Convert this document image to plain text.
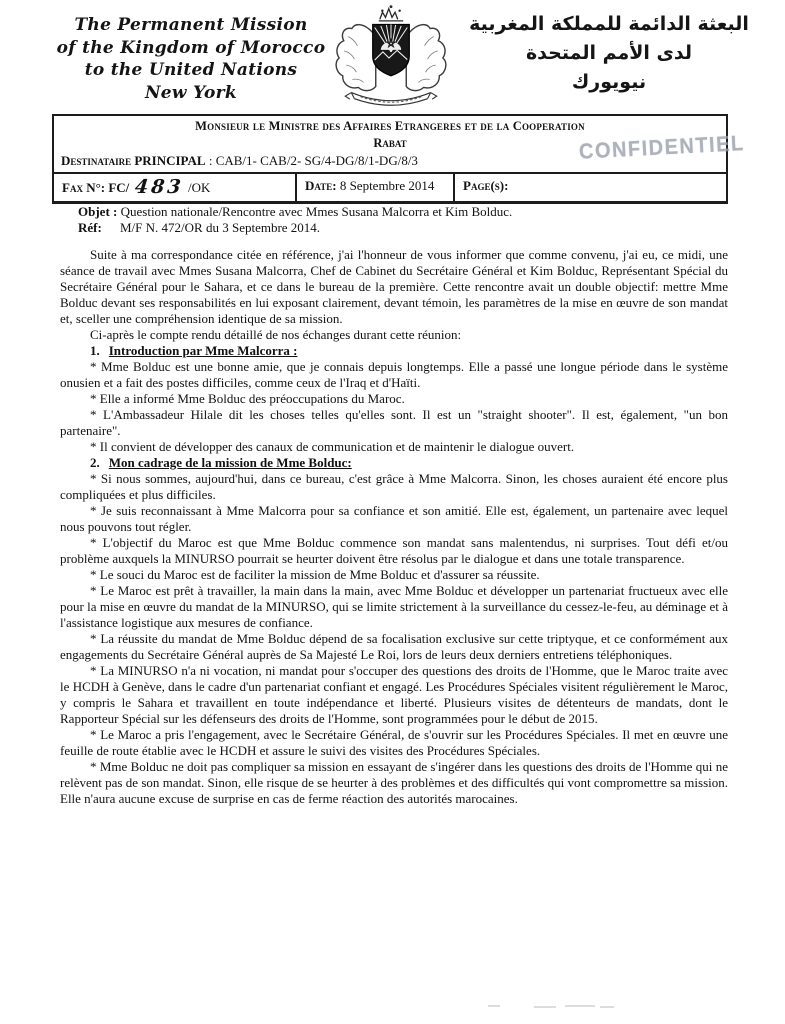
The Permanent Mission
of the Kingdom of Morocco
to the United Nations
New York
البعثة الدائمة للمملكة المغربية
لدى الأمم المتحدة
نيويورك
Monsieur le Ministre des Affaires Etrangeres et de la Cooperation
Rabat
Destinataire PRINCIPAL : CAB/1- CAB/2- SG/4-DG/8/1-DG/8/3
Fax N°: FC/ 483 /OK	Date: 8 Septembre 2014	Page(s):
CONFIDENTIEL
Objet : Question nationale/Rencontre avec Mmes Susana Malcorra et Kim Bolduc.
Réf: M/F N. 472/OR du 3 Septembre 2014.

Suite à ma correspondance citée en référence, j'ai l'honneur de vous informer que comme convenu, j'ai eu, ce midi, une séance de travail avec Mmes Susana Malcorra, Chef de Cabinet du Secrétaire Général et Kim Bolduc, Représentant Spécial du Secrétaire Général pour le Sahara, et ce dans le bureau de la première. Cette rencontre avait un double objectif: mettre Mme Bolduc devant ses responsabilités en lui exposant clairement, devant témoin, les paramètres de la mise en œuvre de son mandat et, sceller une compréhension identique de sa mission.

Ci-après le compte rendu détaillé de nos échanges durant cette réunion:

1. Introduction par Mme Malcorra :

* Mme Bolduc est une bonne amie, que je connais depuis longtemps. Elle a passé une longue période dans le système onusien et a fait des postes difficiles, comme ceux de l'Iraq et d'Haïti.

* Elle a informé Mme Bolduc des préoccupations du Maroc.

* L'Ambassadeur Hilale dit les choses telles qu'elles sont. Il est un "straight shooter". Il est, également, "un bon partenaire".

* Il convient de développer des canaux de communication et de maintenir le dialogue ouvert.

2. Mon cadrage de la mission de Mme Bolduc:

* Si nous sommes, aujourd'hui, dans ce bureau, c'est grâce à Mme Malcorra. Sinon, les choses auraient été encore plus compliquées et plus difficiles.

* Je suis reconnaissant à Mme Malcorra pour sa confiance et son amitié. Elle est, également, un partenaire avec lequel nous pouvons tout régler.

* L'objectif du Maroc est que Mme Bolduc commence son mandat sans malentendus, ni surprises. Tout défi et/ou problème auxquels la MINURSO pourrait se heurter doivent être résolus par le dialogue et dans une totale transparence.

* Le souci du Maroc est de faciliter la mission de Mme Bolduc et d'assurer sa réussite.

* Le Maroc est prêt à travailler, la main dans la main, avec Mme Bolduc et développer un partenariat fructueux avec elle pour la mise en œuvre du mandat de la MINURSO, qui se limite strictement à la surveillance du cessez-le-feu, au déminage et à l'assistance logistique aux mesures de confiance.

* La réussite du mandat de Mme Bolduc dépend de sa focalisation exclusive sur cette triptyque, et ce conformément aux engagements du Secrétaire Général auprès de Sa Majesté Le Roi, lors de leurs deux derniers entretiens téléphoniques.

* La MINURSO n'a ni vocation, ni mandat pour s'occuper des questions des droits de l'Homme, que le Maroc traite avec le HCDH à Genève, dans le cadre d'un partenariat confiant et engagé. Les Procédures Spéciales visitent régulièrement le Maroc, y compris le Sahara et travaillent en toute indépendance et liberté. Plusieurs visites de détenteurs de mandats, dont le Rapporteur Spécial sur les défenseurs des droits de l'Homme, sont programmées pour le début de 2015.

* Le Maroc a pris l'engagement, avec le Secrétaire Général, de s'ouvrir sur les Procédures Spéciales. Il met en œuvre une feuille de route établie avec le HCDH et assure le suivi des visites des Procédures Spéciales.

* Mme Bolduc ne doit pas compliquer sa mission en essayant de s'ingérer dans les questions des droits de l'Homme qui ne relèvent pas de son mandat. Sinon, elle risque de se heurter à des problèmes et des difficultés qui vont compromettre sa mission. Elle n'aura aucune excuse de surprise en cas de ferme réaction des autorités marocaines.
